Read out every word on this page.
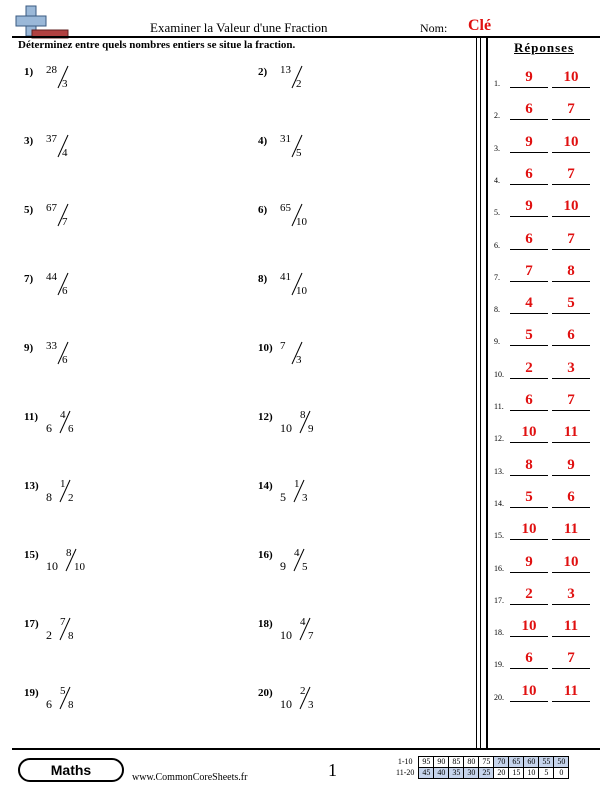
Examiner la Valeur d'une Fraction	Nom: Clé
Déterminez entre quels nombres entiers se situe la fraction.
1)	28
3
2)	13
2
3)	37
4
4)	31
5
5)	67
7
6)	65
10
7)	44
6
8)	41
10
9)	33
6
10) 7
3
11)
6
4
6
12)
10
8
9
13)
8
1
2
14)
5
1
3
15)
10
8
10
16)
9
4
5
17)
2
7
8
18)
10
4
7
19)
6
5
8
20)
10
2
3
Réponses
1.	9	10
2.	6	7
3.	9	10
4.	6	7
5.	9	10
6.	6	7
7.	7	8
8.	4	5
9.	5	6
10.	2	3
11.	6	7
12.	10	11
13.	8	9
14.	5	6
15.	10	11
16.	9	10
17.	2	3
18.	10	11
19.	6	7
20.	10	11
Maths	www.CommonCoreSheets.fr	1	1-10	95	90	85	80	75	70	65	60	55	50
11-20	45	40	35	30	25	20	15	10	5	0
